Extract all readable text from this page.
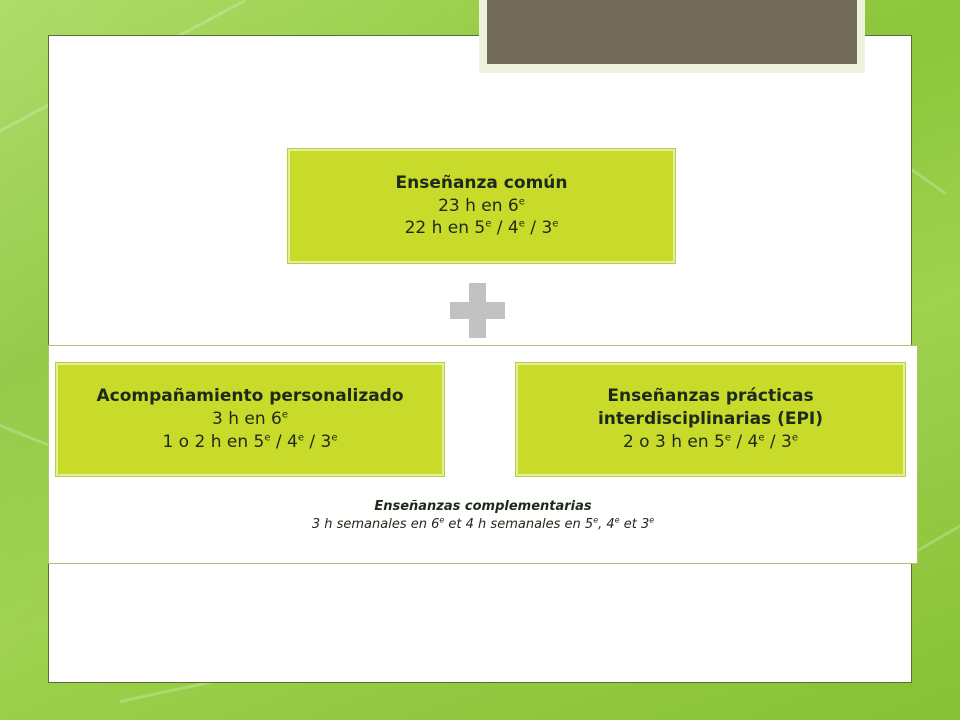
Enseñanza común
23 h en 6e
22 h en 5e / 4e / 3e
Acompañamiento personalizado
3 h en 6e
1 o 2 h en 5e / 4e / 3e
Enseñanzas prácticas
interdisciplinarias (EPI)
2 o 3 h en 5e / 4e / 3e
Enseñanzas complementarias
3 h semanales en 6e et 4 h semanales en 5e, 4e et 3e
